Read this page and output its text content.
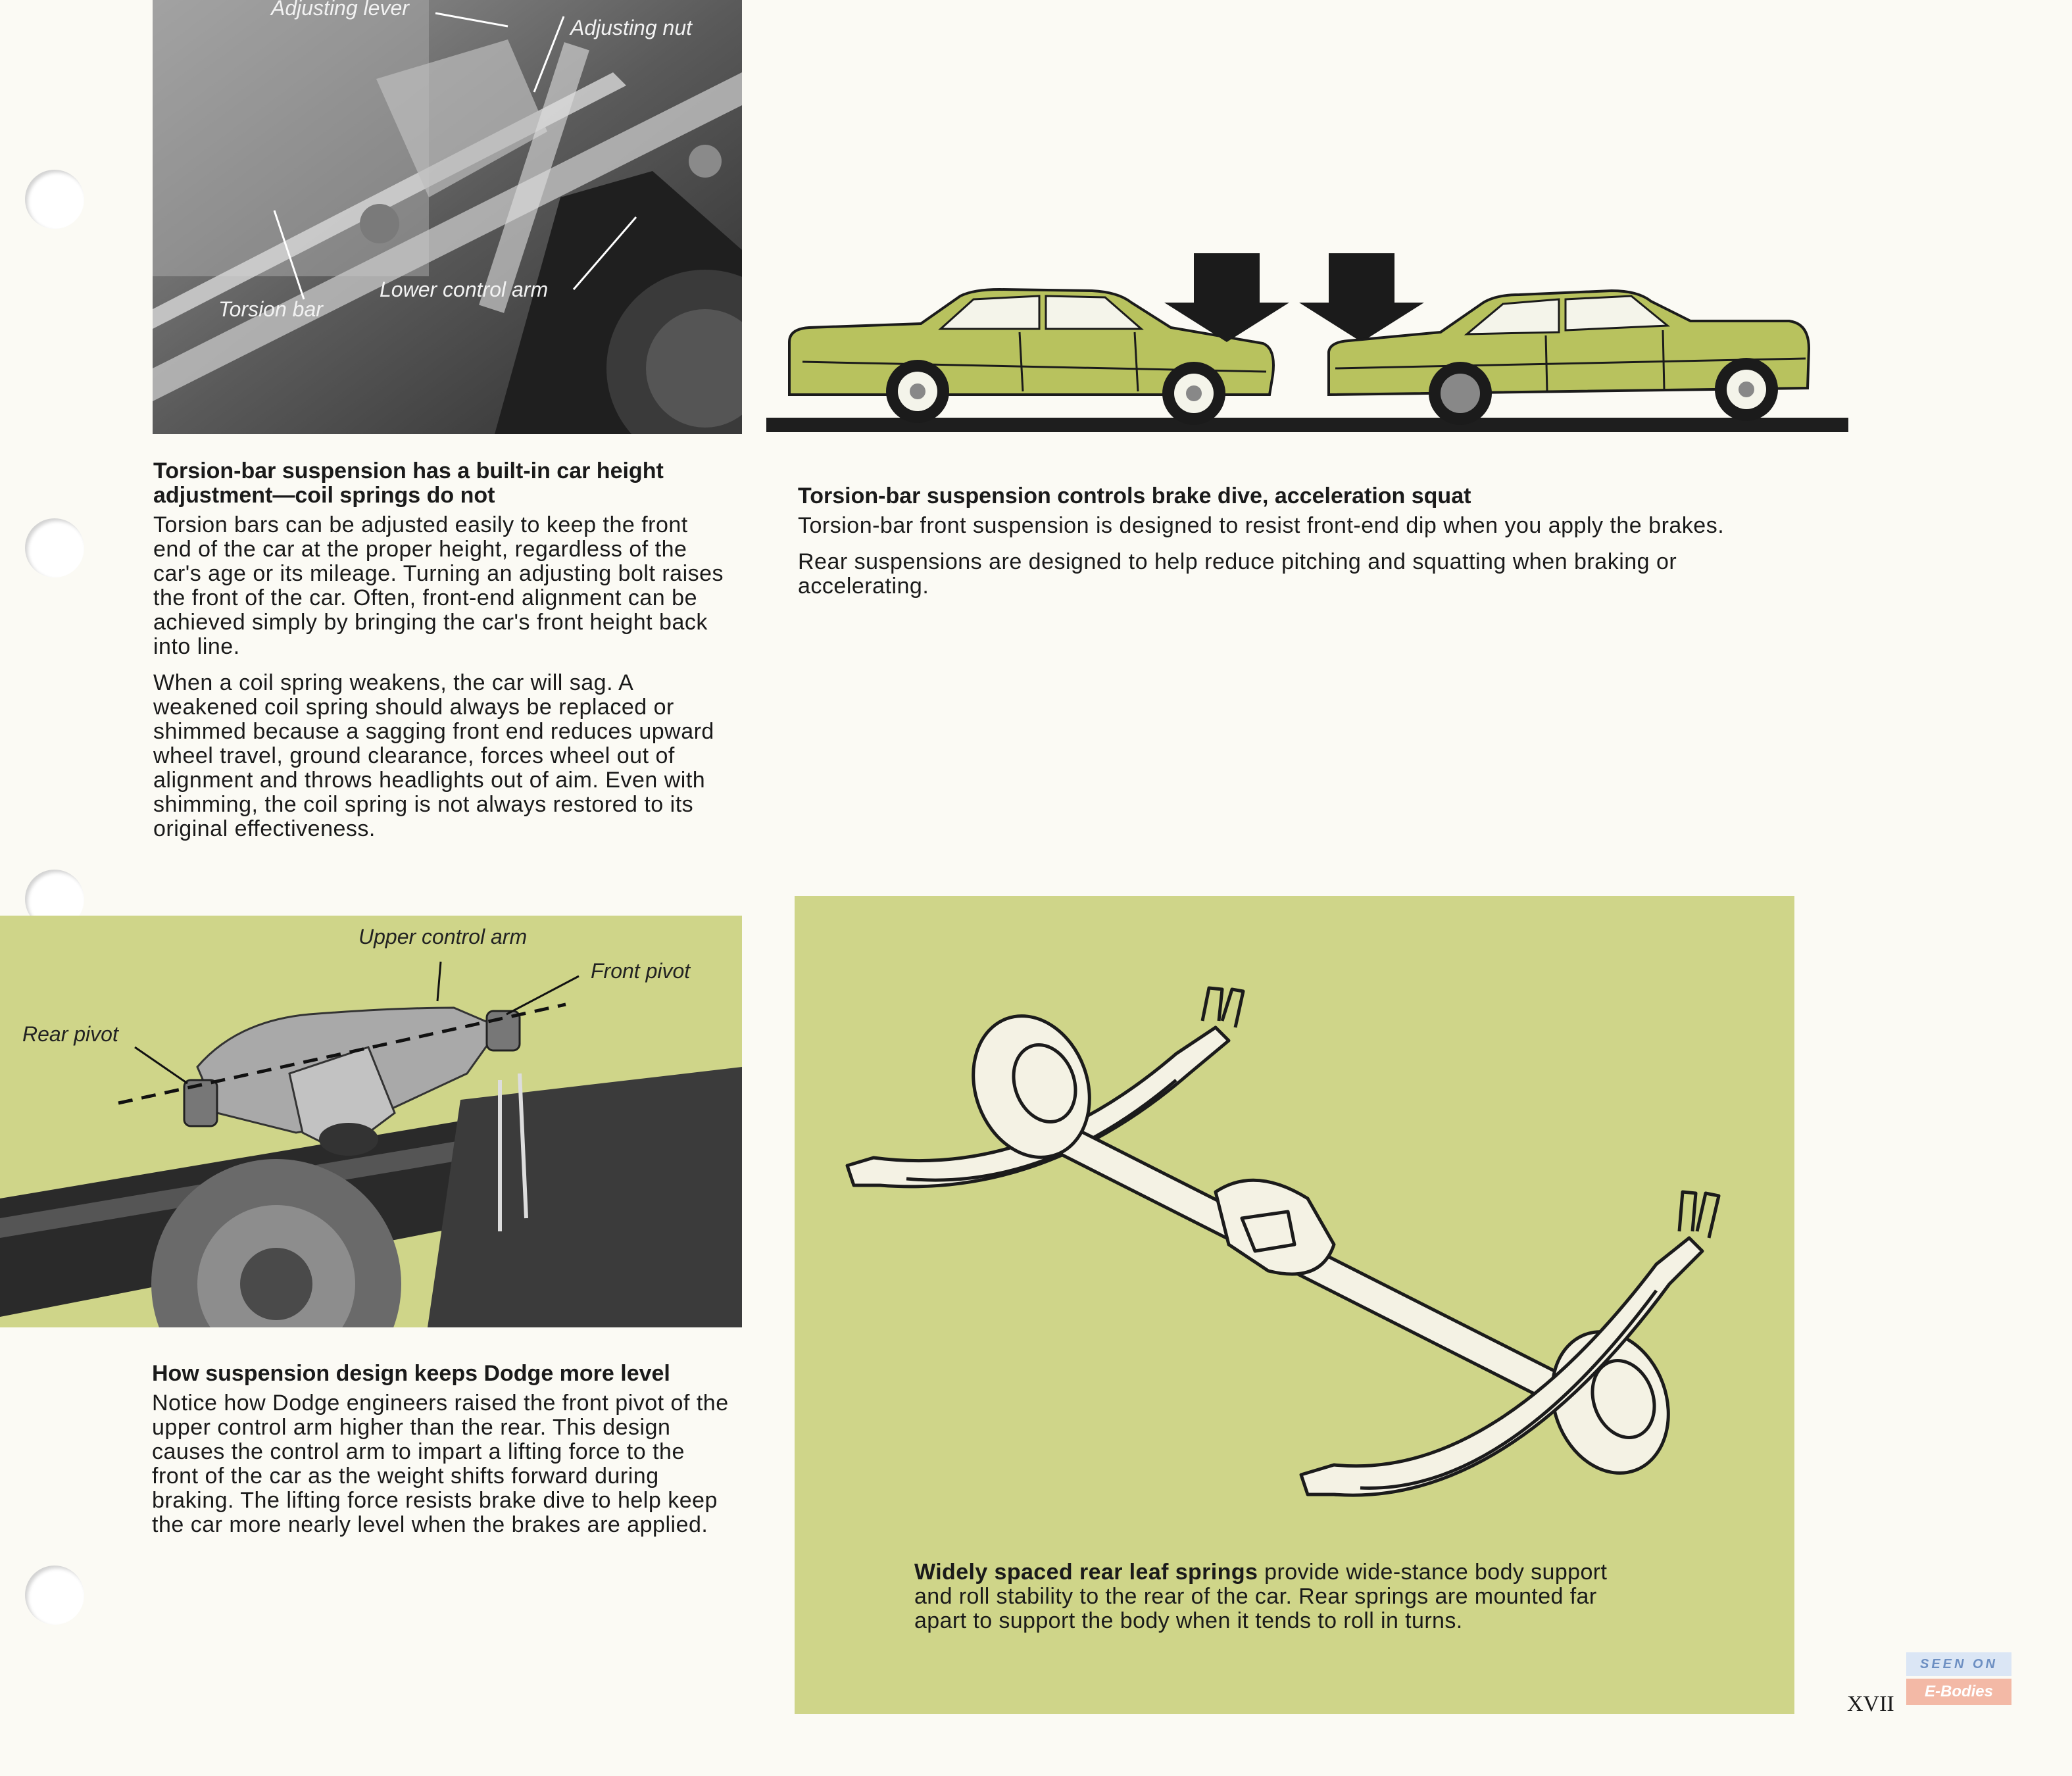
Adjusting lever
Adjusting nut
Torsion bar
Lower control arm

Torsion-bar suspension has a built-in car height adjustment—coil springs do not

Torsion bars can be adjusted easily to keep the front end of the car at the proper height, regardless of the car's age or its mileage. Turning an adjusting bolt raises the front of the car. Often, front-end alignment can be achieved simply by bringing the car's front height back into line.

When a coil spring weakens, the car will sag. A weakened coil spring should always be replaced or shimmed because a sagging front end reduces upward wheel travel, ground clearance, forces wheel out of alignment and throws headlights out of aim. Even with shimming, the coil spring is not always restored to its original effectiveness.

Torsion-bar suspension controls brake dive, acceleration squat

Torsion-bar front suspension is designed to resist front-end dip when you apply the brakes.

Rear suspensions are designed to help reduce pitching and squatting when braking or accelerating.

Upper control arm
Front pivot
Rear pivot

How suspension design keeps Dodge more level

Notice how Dodge engineers raised the front pivot of the upper control arm higher than the rear. This design causes the control arm to impart a lifting force to the front of the car as the weight shifts forward during braking. The lifting force resists brake dive to help keep the car more nearly level when the brakes are applied.

Widely spaced rear leaf springs provide wide-stance body support and roll stability to the rear of the car. Rear springs are mounted far apart to support the body when it tends to roll in turns.
XVII
SEEN ON
E-Bodies
